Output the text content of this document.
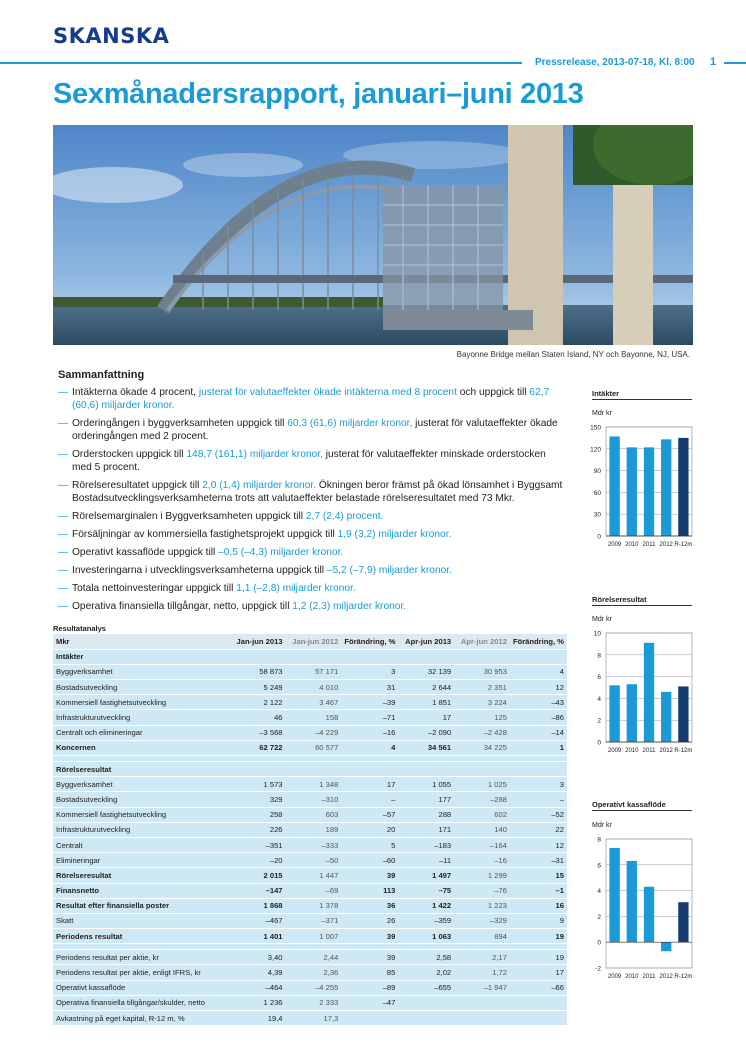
SKANSKA
Pressrelease, 2013-07-18, Kl. 8:00 1
Sexmånadersrapport, januari–juni 2013
Bayonne Bridge mellan Staten Island, NY och Bayonne, NJ, USA.
Sammanfattning
— Intäkterna ökade 4 procent, justerat för valutaeffekter ökade intäkterna med 8 procent och uppgick till 62,7 (60,6) miljarder kronor.
— Orderingången i byggverksamheten uppgick till 60,3 (61,6) miljarder kronor, justerat för valutaeffekter ökade orderingången med 2 procent.
— Orderstocken uppgick till 148,7 (161,1) miljarder kronor, justerat för valutaeffekter minskade orderstocken med 5 procent.
— Rörelseresultatet uppgick till 2,0 (1,4) miljarder kronor. Ökningen beror främst på ökad lönsamhet i Byggsamt Bostadsutvecklingsverksamheterna trots att valutaeffekter belastade rörelseresultatet med 73 Mkr.
— Rörelsemarginalen i Byggverksamheten uppgick till 2,7 (2,4) procent.
— Försäljningar av kommersiella fastighetsprojekt uppgick till 1,9 (3,2) miljarder kronor.
— Operativt kassaflöde uppgick till –0,5 (–4,3) miljarder kronor.
— Investeringarna i utvecklingsverksamheterna uppgick till –5,2 (–7,9) miljarder kronor.
— Totala nettoinvesteringar uppgick till 1,1 (–2,8) miljarder kronor.
— Operativa finansiella tillgångar, netto, uppgick till 1,2 (2,3) miljarder kronor.
Resultatanalys
Mkr	Jan-jun 2013	Jan-jun 2012	Förändring, %	Apr-jun 2013	Apr-jun 2012	Förändring, %
Intäkter						
Byggverksamhet	58 873	57 171	3	32 139	30 953	4
Bostadsutveckling	5 249	4 010	31	2 644	2 351	12
Kommersiell fastighetsutveckling	2 122	3 467	–39	1 851	3 224	–43
Infrastrukturutveckling	46	158	–71	17	125	–86
Centralt och elimineringar	–3 568	–4 229	–16	–2 090	–2 428	–14
Koncernen	62 722	60 577	4	34 561	34 225	1

Rörelseresultat						
Byggverksamhet	1 573	1 348	17	1 055	1 025	3
Bostadsutveckling	329	–310	–	177	–288	–
Kommersiell fastighetsutveckling	258	603	–57	288	602	–52
Infrastrukturutveckling	226	189	20	171	140	22
Centralt	–351	–333	5	–183	–164	12
Elimineringar	–20	–50	–60	–11	–16	–31
Rörelseresultat	2 015	1 447	39	1 497	1 299	15
Finansnetto	–147	–69	113	–75	–76	–1
Resultat efter finansiella poster	1 868	1 378	36	1 422	1 223	16
Skatt	–467	–371	26	–359	–329	9
Periodens resultat	1 401	1 007	39	1 063	894	19

Periodens resultat per aktie, kr	3,40	2,44	39	2,58	2,17	19
Periodens resultat per aktie, enligt IFRS, kr	4,39	2,36	85	2,02	1,72	17
Operativt kassaflöde	–464	–4 255	–89	–655	–1 947	–66
Operativa finansiella tillgångar/skulder, netto	1 236	2 333	–47			
Avkastning på eget kapital, R-12 m, %	19,4	17,3				
Intäkter
Mdr kr
0
30
60
90
120
150
2009 2010 2011 2012 R-12m
Rörelseresultat
Mdr kr
0
2
4
6
8
10
2009 2010 2011 2012 R-12m
Operativt kassaflöde
Mdr kr
-2
0
2
4
6
8
2009 2010 2011 2012 R-12m
